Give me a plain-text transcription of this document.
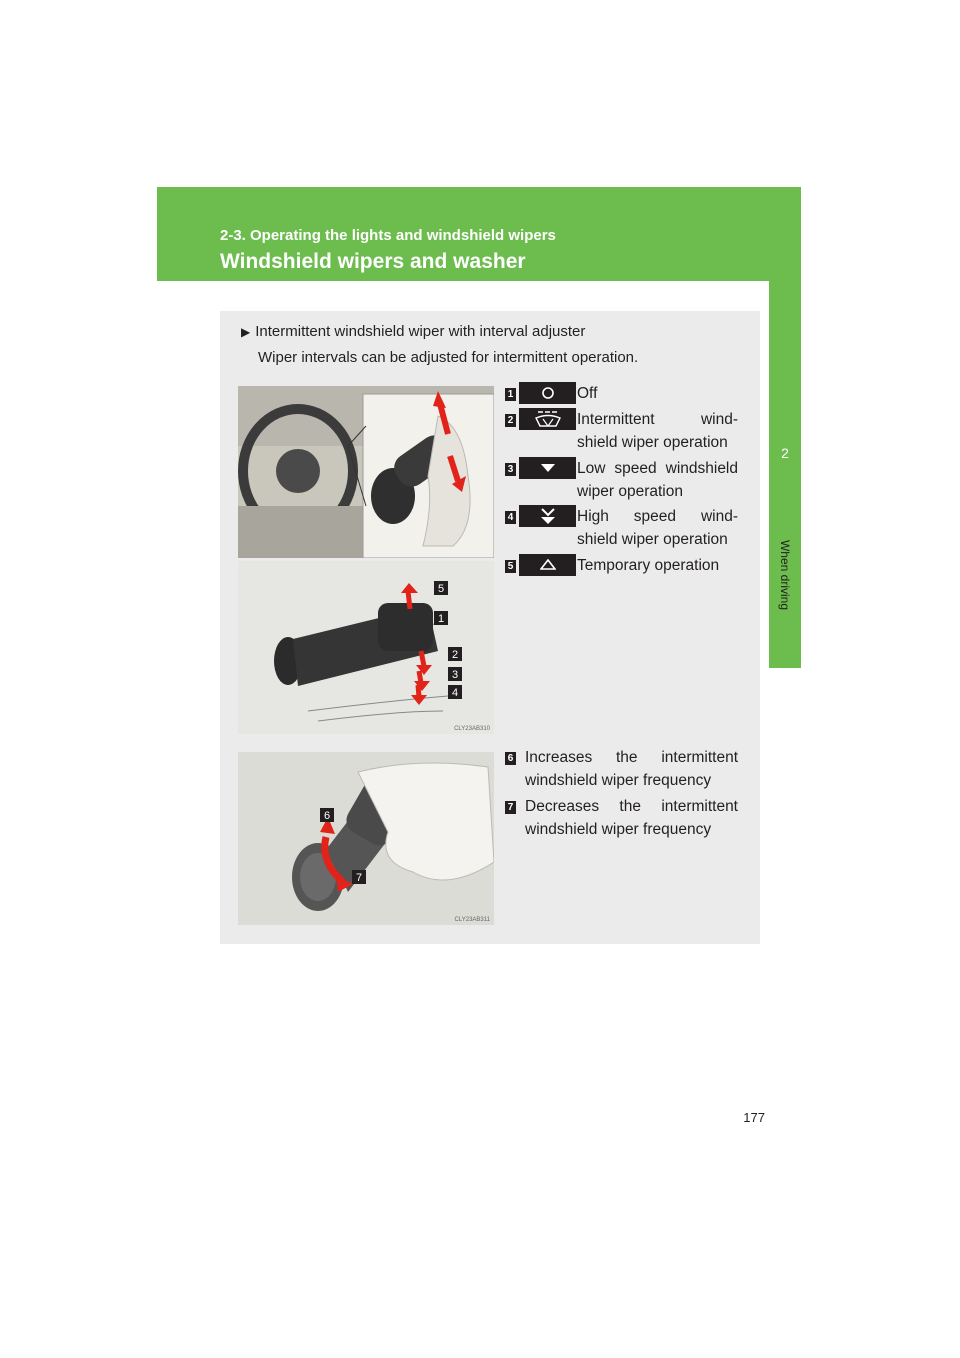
2-3. Operating the lights and windshield wipers
Windshield wipers and washer
2
When driving
▶ Intermittent windshield wiper with interval adjuster
Wiper intervals can be adjusted for intermittent operation.
5
1
2
3
4
CLY23AB310
6
7
CLY23AB311
1	Off
2	Intermittent wind-
shield wiper operation
3	Low speed windshield
wiper operation
4	High speed wind-
shield wiper operation
5	Temporary operation
6 Increases the intermittent
windshield wiper frequency
7 Decreases the intermittent
windshield wiper frequency
177
